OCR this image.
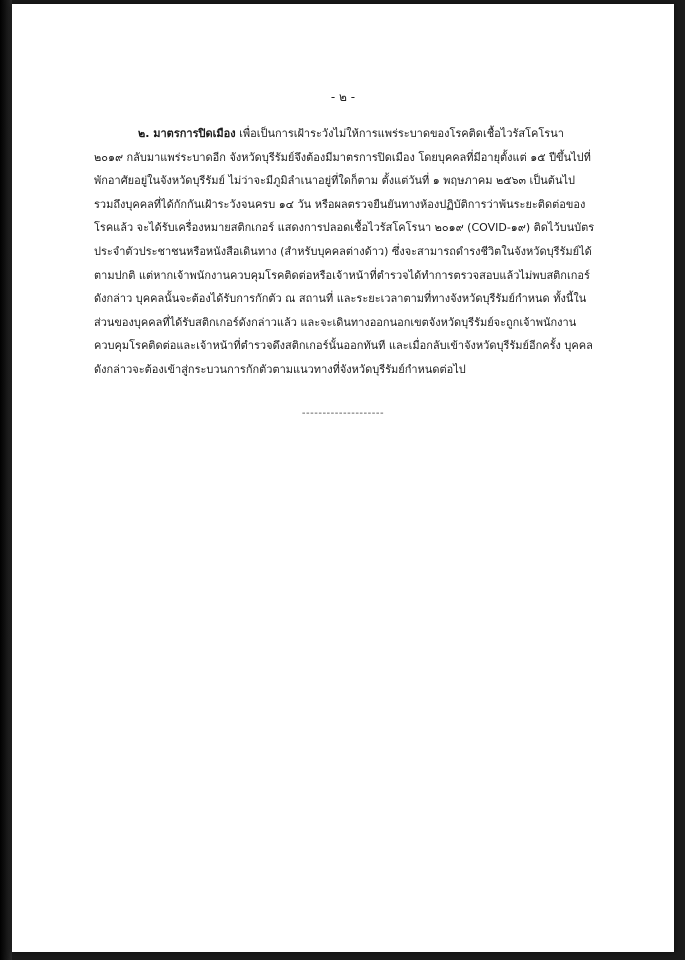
- ๒ -
๒. มาตรการปิดเมือง เพื่อเป็นการเฝ้าระวังไม่ให้การแพร่ระบาดของโรคติดเชื้อไวรัสโคโรนา
๒๐๑๙ กลับมาแพร่ระบาดอีก จังหวัดบุรีรัมย์จึงต้องมีมาตรการปิดเมือง โดยบุคคลที่มีอายุตั้งแต่ ๑๕ ปีขึ้นไปที่
พักอาศัยอยู่ในจังหวัดบุรีรัมย์ ไม่ว่าจะมีภูมิลำเนาอยู่ที่ใดก็ตาม ตั้งแต่วันที่ ๑ พฤษภาคม ๒๕๖๓ เป็นต้นไป
รวมถึงบุคคลที่ได้กักกันเฝ้าระวังจนครบ ๑๔ วัน หรือผลตรวจยืนยันทางห้องปฏิบัติการว่าพ้นระยะติดต่อของ
โรคแล้ว จะได้รับเครื่องหมายสติกเกอร์ แสดงการปลอดเชื้อไวรัสโคโรนา ๒๐๑๙ (COVID-๑๙) ติดไว้บนบัตร
ประจำตัวประชาชนหรือหนังสือเดินทาง (สำหรับบุคคลต่างด้าว) ซึ่งจะสามารถดำรงชีวิตในจังหวัดบุรีรัมย์ได้
ตามปกติ แต่หากเจ้าพนักงานควบคุมโรคติดต่อหรือเจ้าหน้าที่ตำรวจได้ทำการตรวจสอบแล้วไม่พบสติกเกอร์
ดังกล่าว บุคคลนั้นจะต้องได้รับการกักตัว ณ สถานที่ และระยะเวลาตามที่ทางจังหวัดบุรีรัมย์กำหนด ทั้งนี้ใน
ส่วนของบุคคลที่ได้รับสติกเกอร์ดังกล่าวแล้ว และจะเดินทางออกนอกเขตจังหวัดบุรีรัมย์จะถูกเจ้าพนักงาน
ควบคุมโรคติดต่อและเจ้าหน้าที่ตำรวจดึงสติกเกอร์นั้นออกทันที และเมื่อกลับเข้าจังหวัดบุรีรัมย์อีกครั้ง บุคคล
ดังกล่าวจะต้องเข้าสู่กระบวนการกักตัวตามแนวทางที่จังหวัดบุรีรัมย์กำหนดต่อไป
--------------------
